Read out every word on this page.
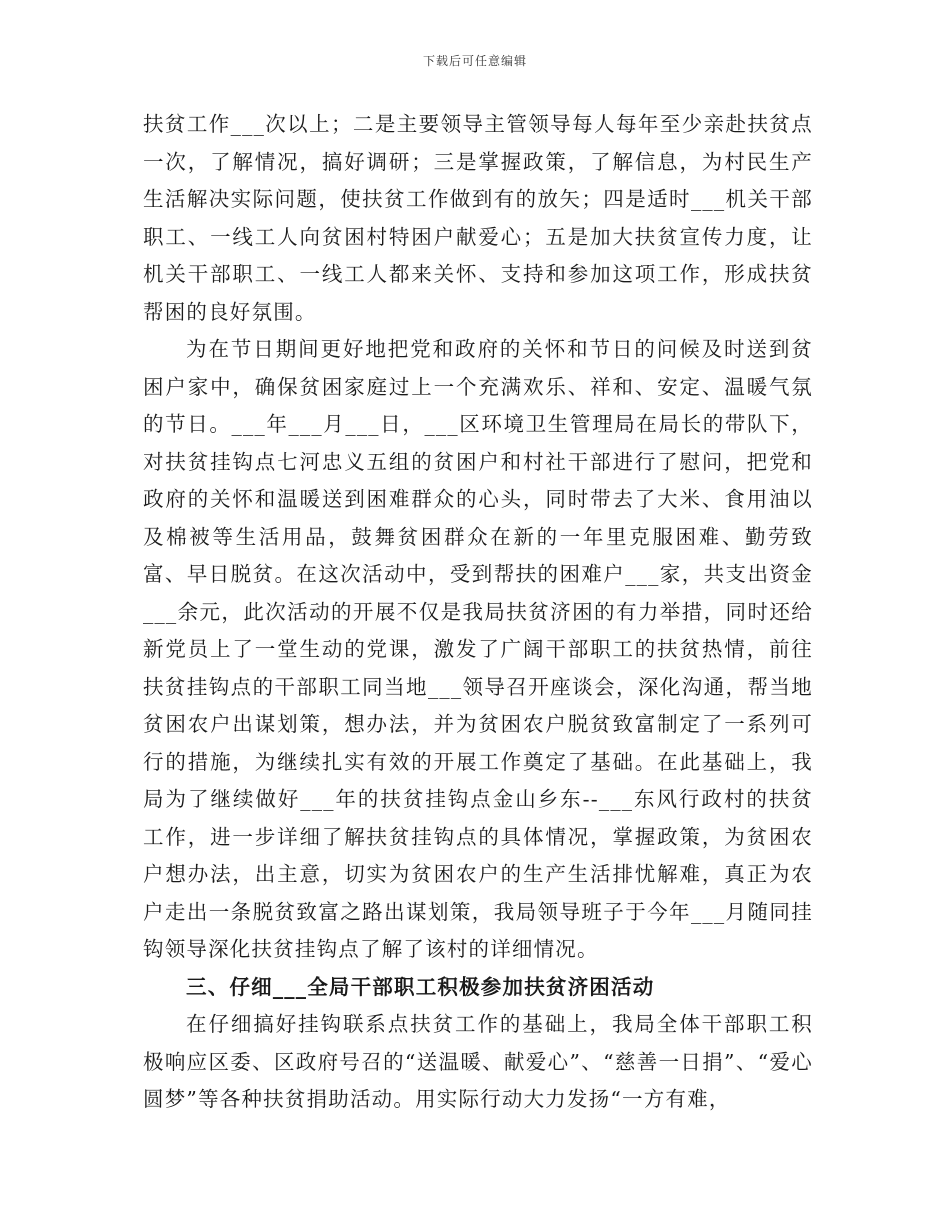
下载后可任意编辑

扶贫工作___次以上；二是主要领导主管领导每人每年至少亲赴扶贫点一次，了解情况，搞好调研；三是掌握政策，了解信息，为村民生产生活解决实际问题，使扶贫工作做到有的放矢；四是适时___机关干部职工、一线工人向贫困村特困户献爱心；五是加大扶贫宣传力度，让机关干部职工、一线工人都来关怀、支持和参加这项工作，形成扶贫帮困的良好氛围。

为在节日期间更好地把党和政府的关怀和节日的问候及时送到贫困户家中，确保贫困家庭过上一个充满欢乐、祥和、安定、温暖气氛的节日。___年___月___日，___区环境卫生管理局在局长的带队下，对扶贫挂钩点七河忠义五组的贫困户和村社干部进行了慰问，把党和政府的关怀和温暖送到困难群众的心头，同时带去了大米、食用油以及棉被等生活用品，鼓舞贫困群众在新的一年里克服困难、勤劳致富、早日脱贫。在这次活动中，受到帮扶的困难户___家，共支出资金___余元，此次活动的开展不仅是我局扶贫济困的有力举措，同时还给新党员上了一堂生动的党课，激发了广阔干部职工的扶贫热情，前往扶贫挂钩点的干部职工同当地___领导召开座谈会，深化沟通，帮当地贫困农户出谋划策，想办法，并为贫困农户脱贫致富制定了一系列可行的措施，为继续扎实有效的开展工作奠定了基础。在此基础上，我局为了继续做好___年的扶贫挂钩点金山乡东--___东风行政村的扶贫工作，进一步详细了解扶贫挂钩点的具体情况，掌握政策，为贫困农户想办法，出主意，切实为贫困农户的生产生活排忧解难，真正为农户走出一条脱贫致富之路出谋划策，我局领导班子于今年___月随同挂钩领导深化扶贫挂钩点了解了该村的详细情况。

三、仔细___全局干部职工积极参加扶贫济困活动

在仔细搞好挂钩联系点扶贫工作的基础上，我局全体干部职工积极响应区委、区政府号召的“送温暖、献爱心”、“慈善一日捐”、“爱心圆梦”等各种扶贫捐助活动。用实际行动大力发扬“一方有难，
